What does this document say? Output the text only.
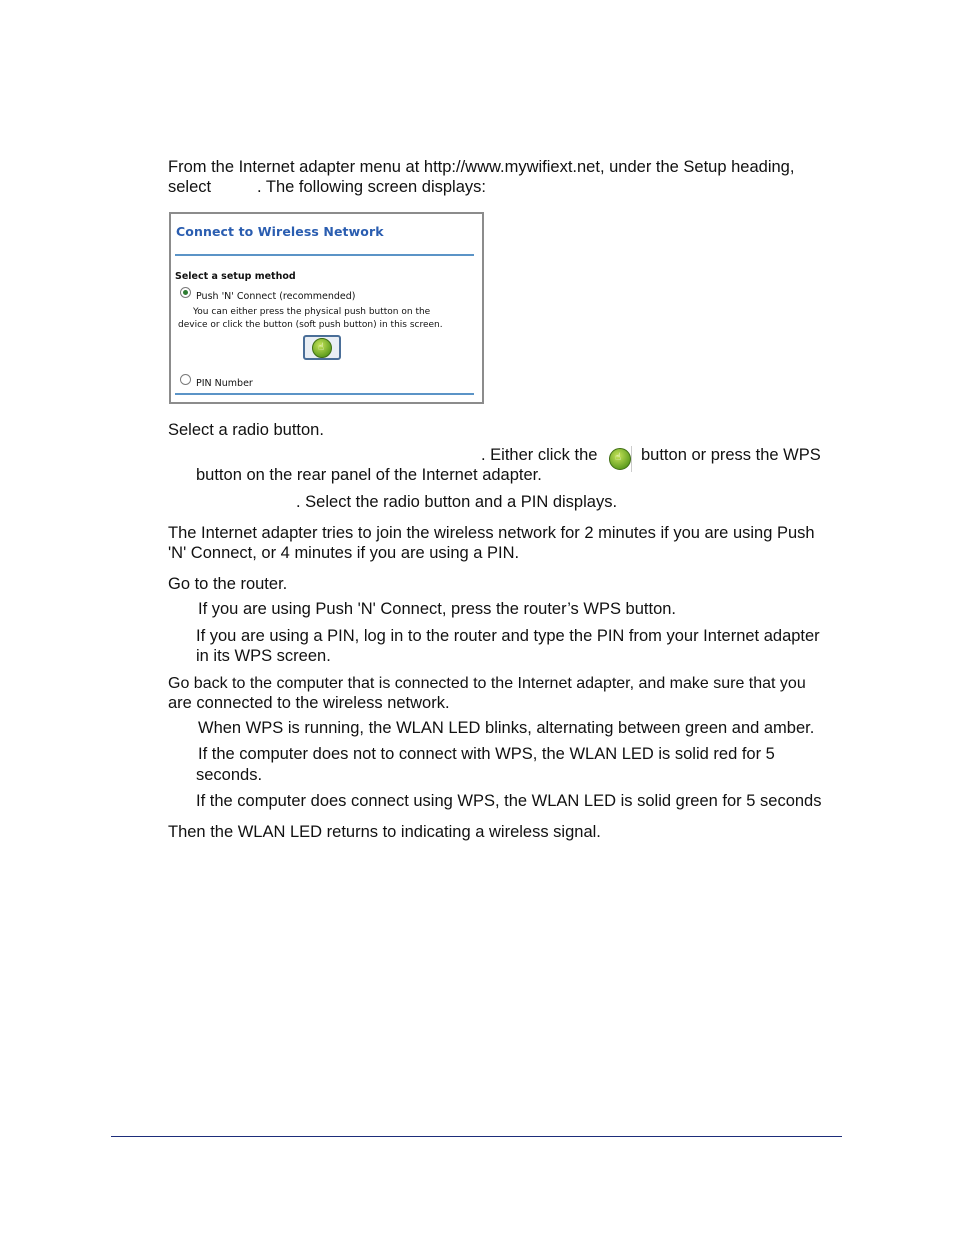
From the Internet adapter menu at http://www.mywifiext.net, under the Setup heading,

select	. The following screen displays:

Connect to Wireless Network
Select a setup method
Push 'N' Connect (recommended)
You can either press the physical push button on the
device or click the button (soft push button) in this screen.
☝
PIN Number

Select a radio button.

. Either click the ☝ button or press the WPS

button on the rear panel of the Internet adapter.

. Select the radio button and a PIN displays.

The Internet adapter tries to join the wireless network for 2 minutes if you are using Push

'N' Connect, or 4 minutes if you are using a PIN.

Go to the router.

If you are using Push 'N' Connect, press the router’s WPS button.

If you are using a PIN, log in to the router and type the PIN from your Internet adapter

in its WPS screen.

Go back to the computer that is connected to the Internet adapter, and make sure that you

are connected to the wireless network.

When WPS is running, the WLAN LED blinks, alternating between green and amber.

If the computer does not to connect with WPS, the WLAN LED is solid red for 5

seconds.

If the computer does connect using WPS, the WLAN LED is solid green for 5 seconds

Then the WLAN LED returns to indicating a wireless signal.
